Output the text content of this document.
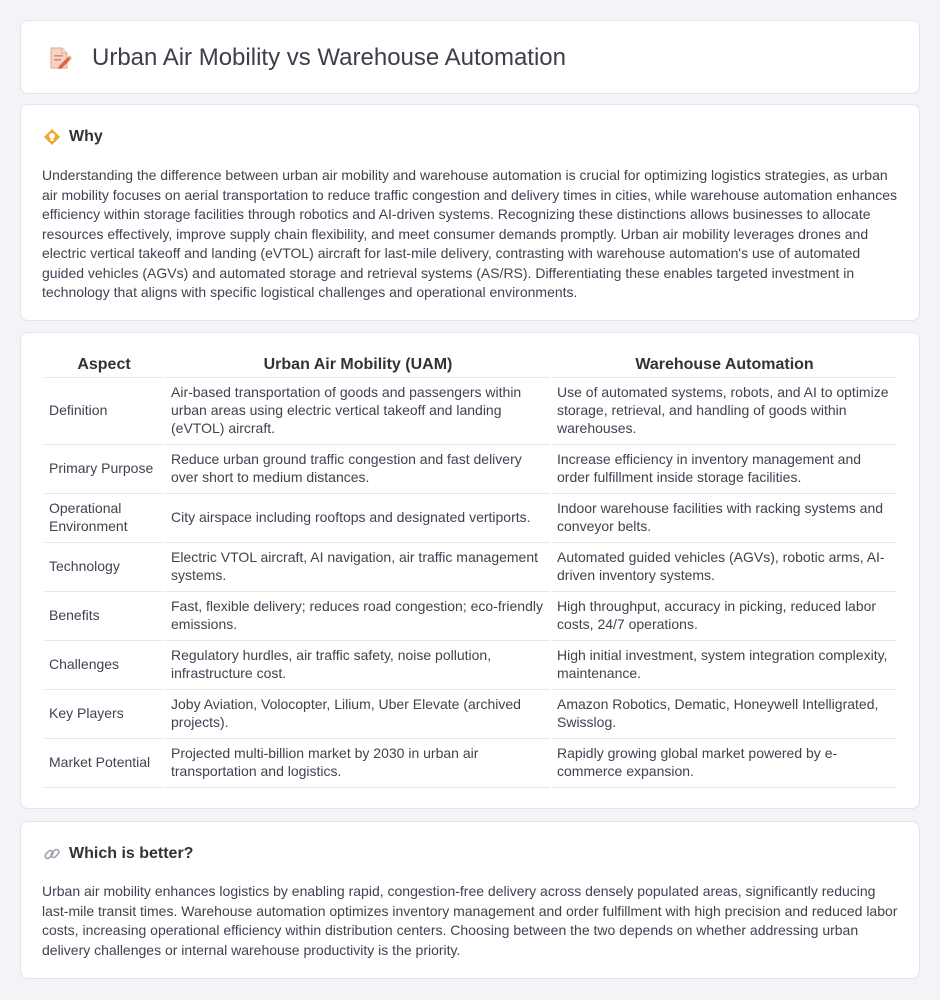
Urban Air Mobility vs Warehouse Automation
Why

Understanding the difference between urban air mobility and warehouse automation is crucial for optimizing logistics strategies, as urban air mobility focuses on aerial transportation to reduce traffic congestion and delivery times in cities, while warehouse automation enhances efficiency within storage facilities through robotics and AI-driven systems. Recognizing these distinctions allows businesses to allocate resources effectively, improve supply chain flexibility, and meet consumer demands promptly. Urban air mobility leverages drones and electric vertical takeoff and landing (eVTOL) aircraft for last-mile delivery, contrasting with warehouse automation's use of automated guided vehicles (AGVs) and automated storage and retrieval systems (AS/RS). Differentiating these enables targeted investment in technology that aligns with specific logistical challenges and operational environments.

Aspect	Urban Air Mobility (UAM)	Warehouse Automation
Definition	Air-based transportation of goods and passengers within urban areas using electric vertical takeoff and landing (eVTOL) aircraft.	Use of automated systems, robots, and AI to optimize storage, retrieval, and handling of goods within warehouses.
Primary Purpose	Reduce urban ground traffic congestion and fast delivery over short to medium distances.	Increase efficiency in inventory management and order fulfillment inside storage facilities.
Operational Environment	City airspace including rooftops and designated vertiports.	Indoor warehouse facilities with racking systems and conveyor belts.
Technology	Electric VTOL aircraft, AI navigation, air traffic management systems.	Automated guided vehicles (AGVs), robotic arms, AI-driven inventory systems.
Benefits	Fast, flexible delivery; reduces road congestion; eco-friendly emissions.	High throughput, accuracy in picking, reduced labor costs, 24/7 operations.
Challenges	Regulatory hurdles, air traffic safety, noise pollution, infrastructure cost.	High initial investment, system integration complexity, maintenance.
Key Players	Joby Aviation, Volocopter, Lilium, Uber Elevate (archived projects).	Amazon Robotics, Dematic, Honeywell Intelligrated, Swisslog.
Market Potential	Projected multi-billion market by 2030 in urban air transportation and logistics.	Rapidly growing global market powered by e-commerce expansion.
Which is better?

Urban air mobility enhances logistics by enabling rapid, congestion-free delivery across densely populated areas, significantly reducing last-mile transit times. Warehouse automation optimizes inventory management and order fulfillment with high precision and reduced labor costs, increasing operational efficiency within distribution centers. Choosing between the two depends on whether addressing urban delivery challenges or internal warehouse productivity is the priority.
